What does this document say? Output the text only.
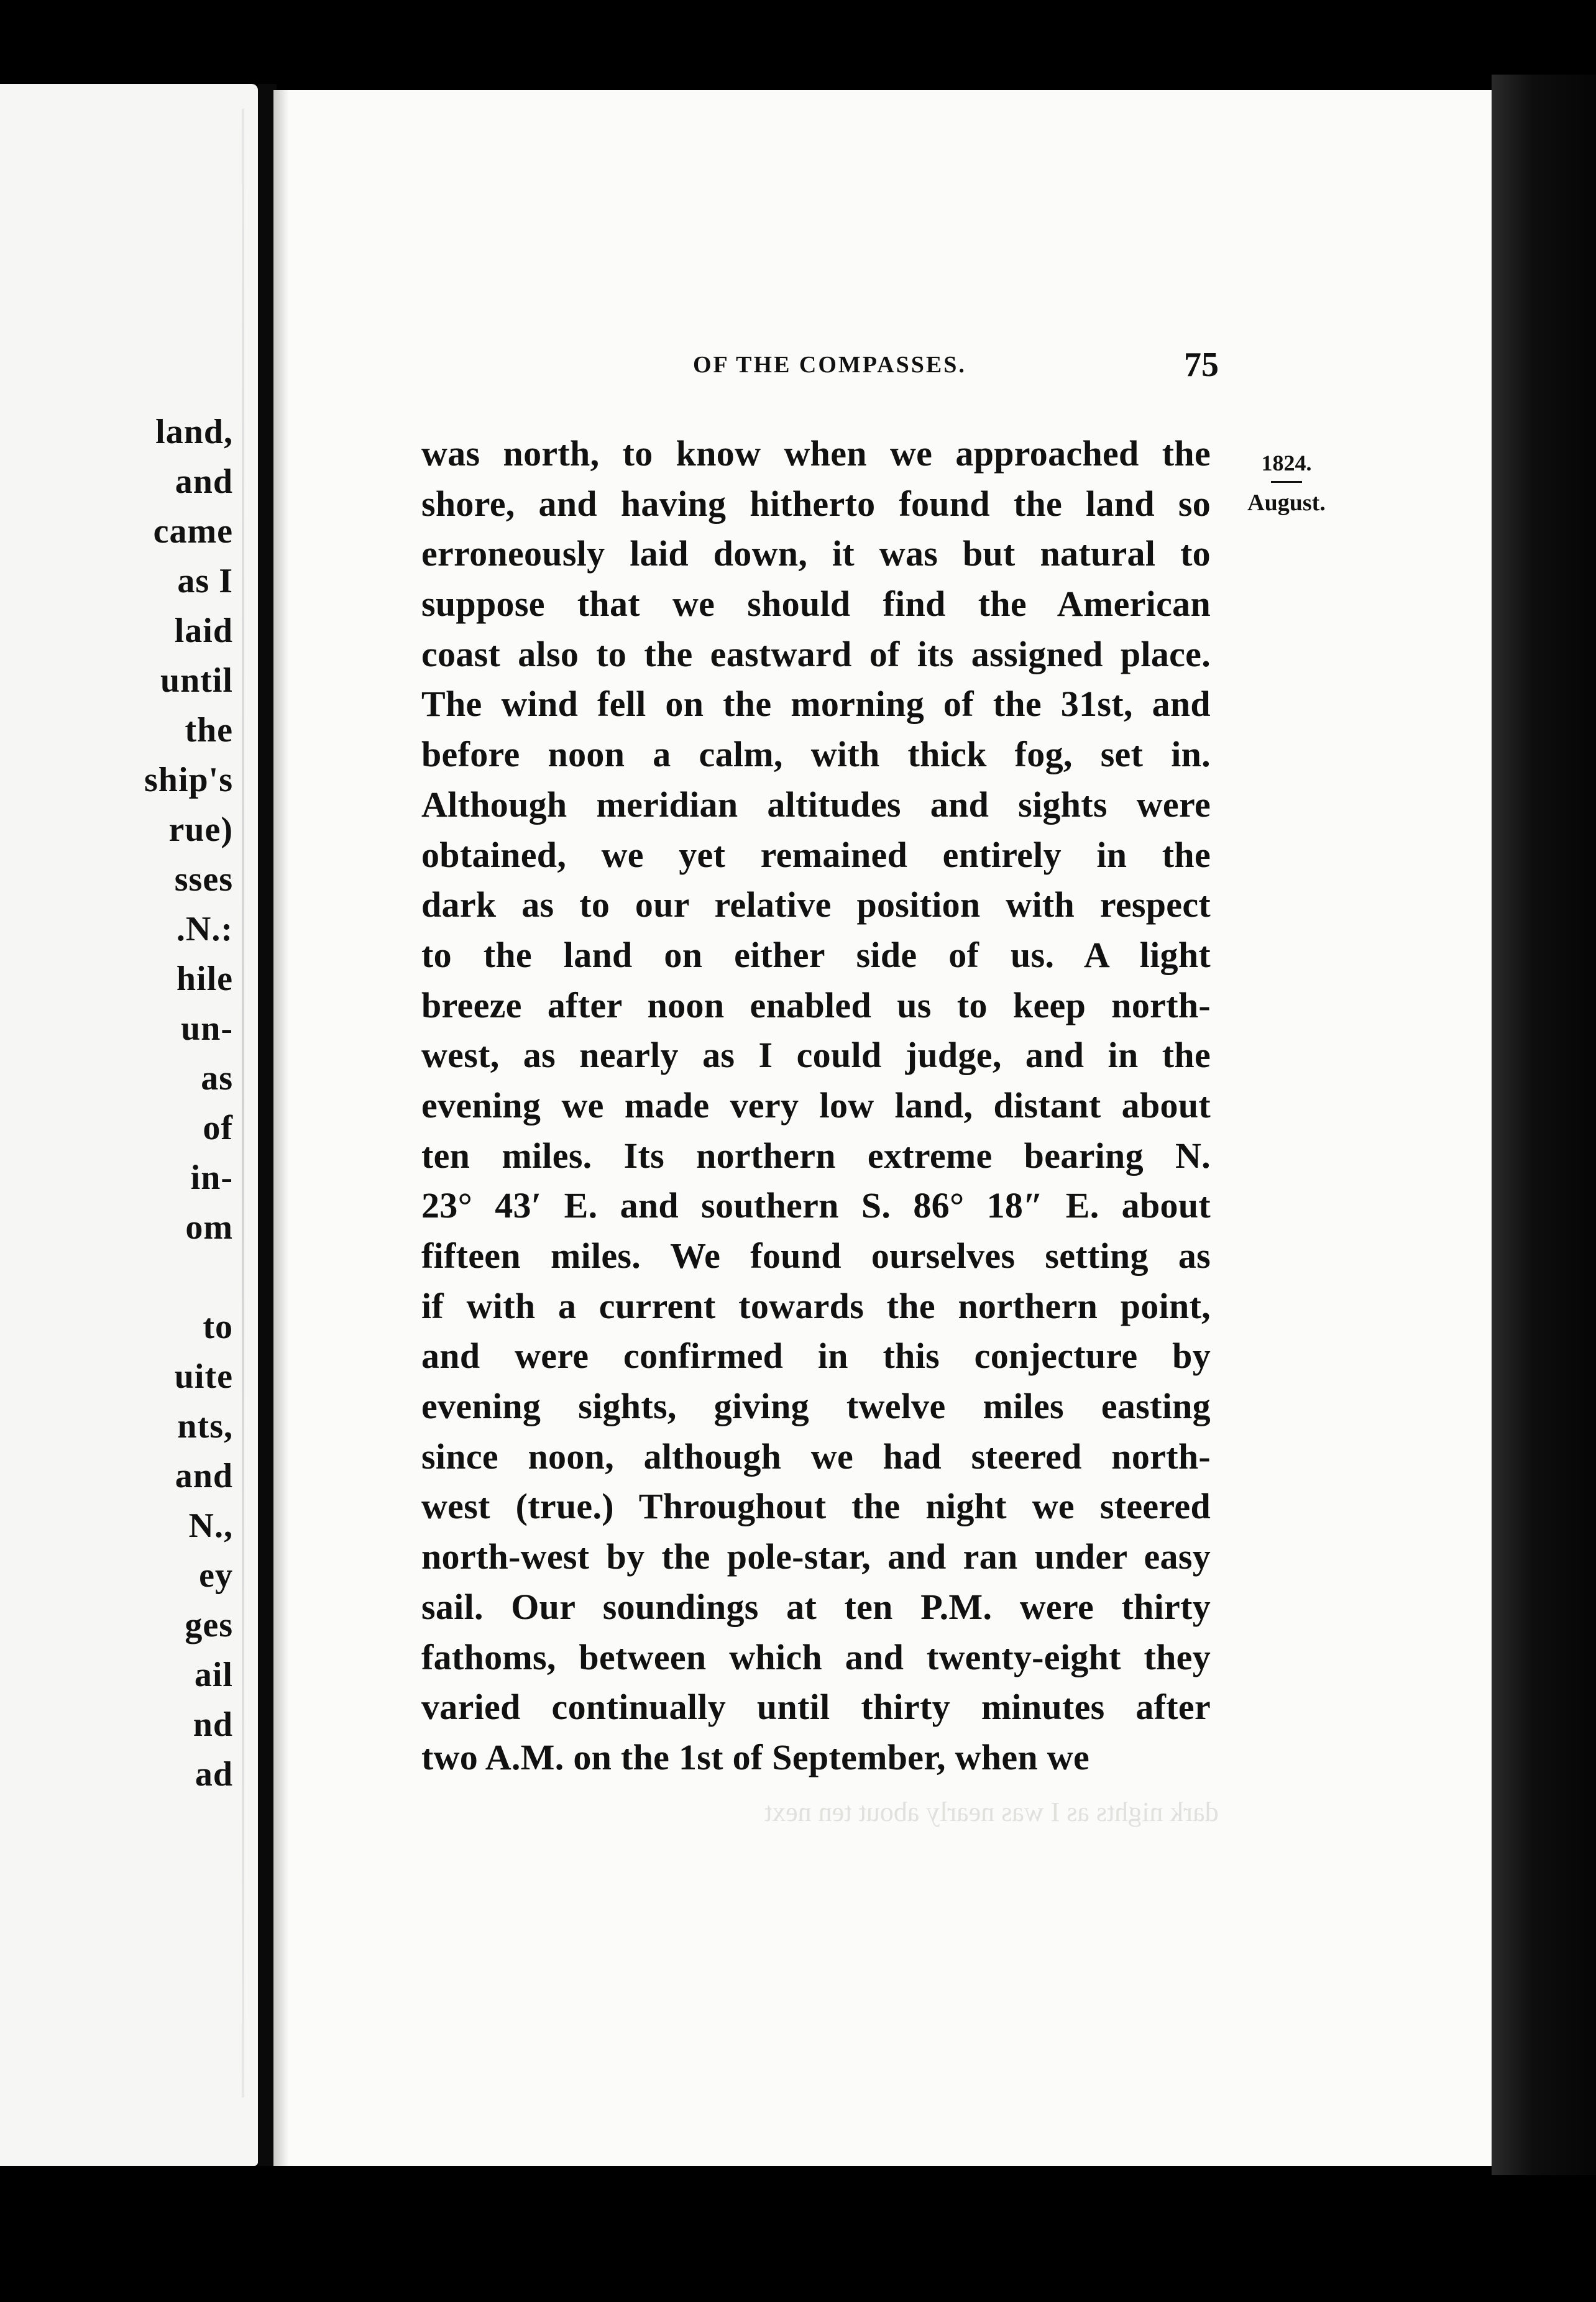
land,
and
came
as I
laid
until
the
ship's
rue)
sses
.N.:
hile
un-
as
of
in-
om
to
uite
nts,
and
N.,
ey
ges
ail
nd
ad
OF THE COMPASSES.	75
1824.
August.
was north, to know when we approached the
shore, and having hitherto found the land so
erroneously laid down, it was but natural to
suppose that we should find the American
coast also to the eastward of its assigned place.
The wind fell on the morning of the 31st, and
before noon a calm, with thick fog, set in.
Although meridian altitudes and sights were
obtained, we yet remained entirely in the
dark as to our relative position with respect
to the land on either side of us. A light
breeze after noon enabled us to keep north-
west, as nearly as I could judge, and in the
evening we made very low land, distant about
ten miles. Its northern extreme bearing N.
23° 43′ E. and southern S. 86° 18″ E. about
fifteen miles. We found ourselves setting as
if with a current towards the northern point,
and were confirmed in this conjecture by
evening sights, giving twelve miles easting
since noon, although we had steered north-
west (true.) Throughout the night we steered
north-west by the pole-star, and ran under easy
sail. Our soundings at ten P.M. were thirty
fathoms, between which and twenty-eight they
varied continually until thirty minutes after
two A.M. on the 1st of September, when we
dark nights as I was nearly about ten next
